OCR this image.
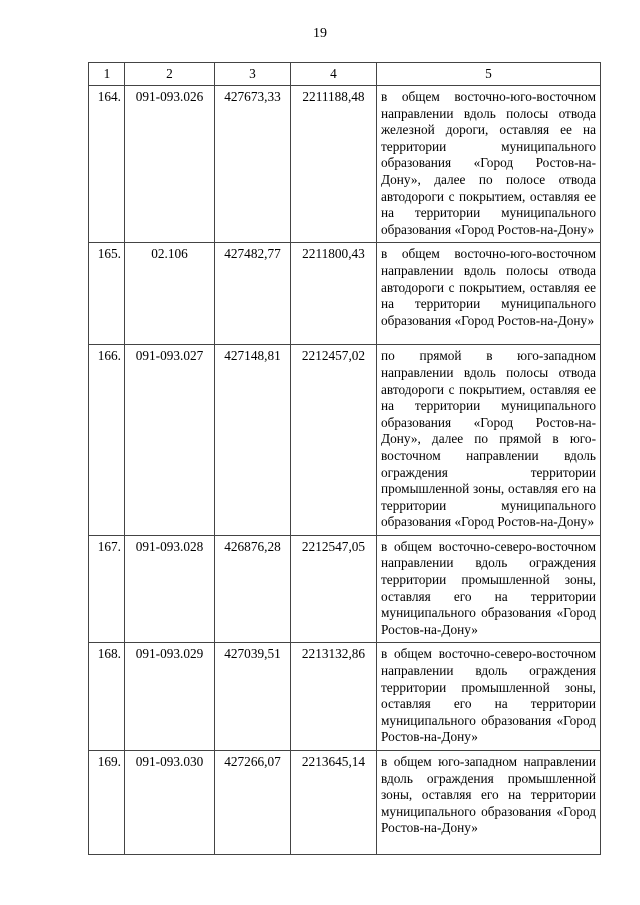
19
1	2	3	4	5
164.	091-093.026	427673,33	2211188,48	в общем восточно-юго-восточном направлении вдоль полосы отвода железной дороги, оставляя ее на территории муниципального образования «Город Ростов-на-Дону», далее по полосе отвода автодороги с покрытием, оставляя ее на территории муниципального образования «Город Ростов-на-Дону»

165.	02.106	427482,77	2211800,43	в общем восточно-юго-восточном направлении вдоль полосы отвода автодороги с покрытием, оставляя ее на территории муниципального образования «Город Ростов-на-Дону»

166.	091-093.027	427148,81	2212457,02	по прямой в юго-западном направлении вдоль полосы отвода автодороги с покрытием, оставляя ее на территории муниципального образования «Город Ростов-на-Дону», далее по прямой в юго-восточном направлении вдоль ограждения территории промышленной зоны, оставляя его на территории муниципального образования «Город Ростов-на-Дону»

167.	091-093.028	426876,28	2212547,05	в общем восточно-северо-восточном направлении вдоль ограждения территории промышленной зоны, оставляя его на территории муниципального образования «Город Ростов-на-Дону»

168.	091-093.029	427039,51	2213132,86	в общем восточно-северо-восточном направлении вдоль ограждения территории промышленной зоны, оставляя его на территории муниципального образования «Город Ростов-на-Дону»

169.	091-093.030	427266,07	2213645,14	в общем юго-западном направлении вдоль ограждения промышленной зоны, оставляя его на территории муниципального образования «Город Ростов-на-Дону»
